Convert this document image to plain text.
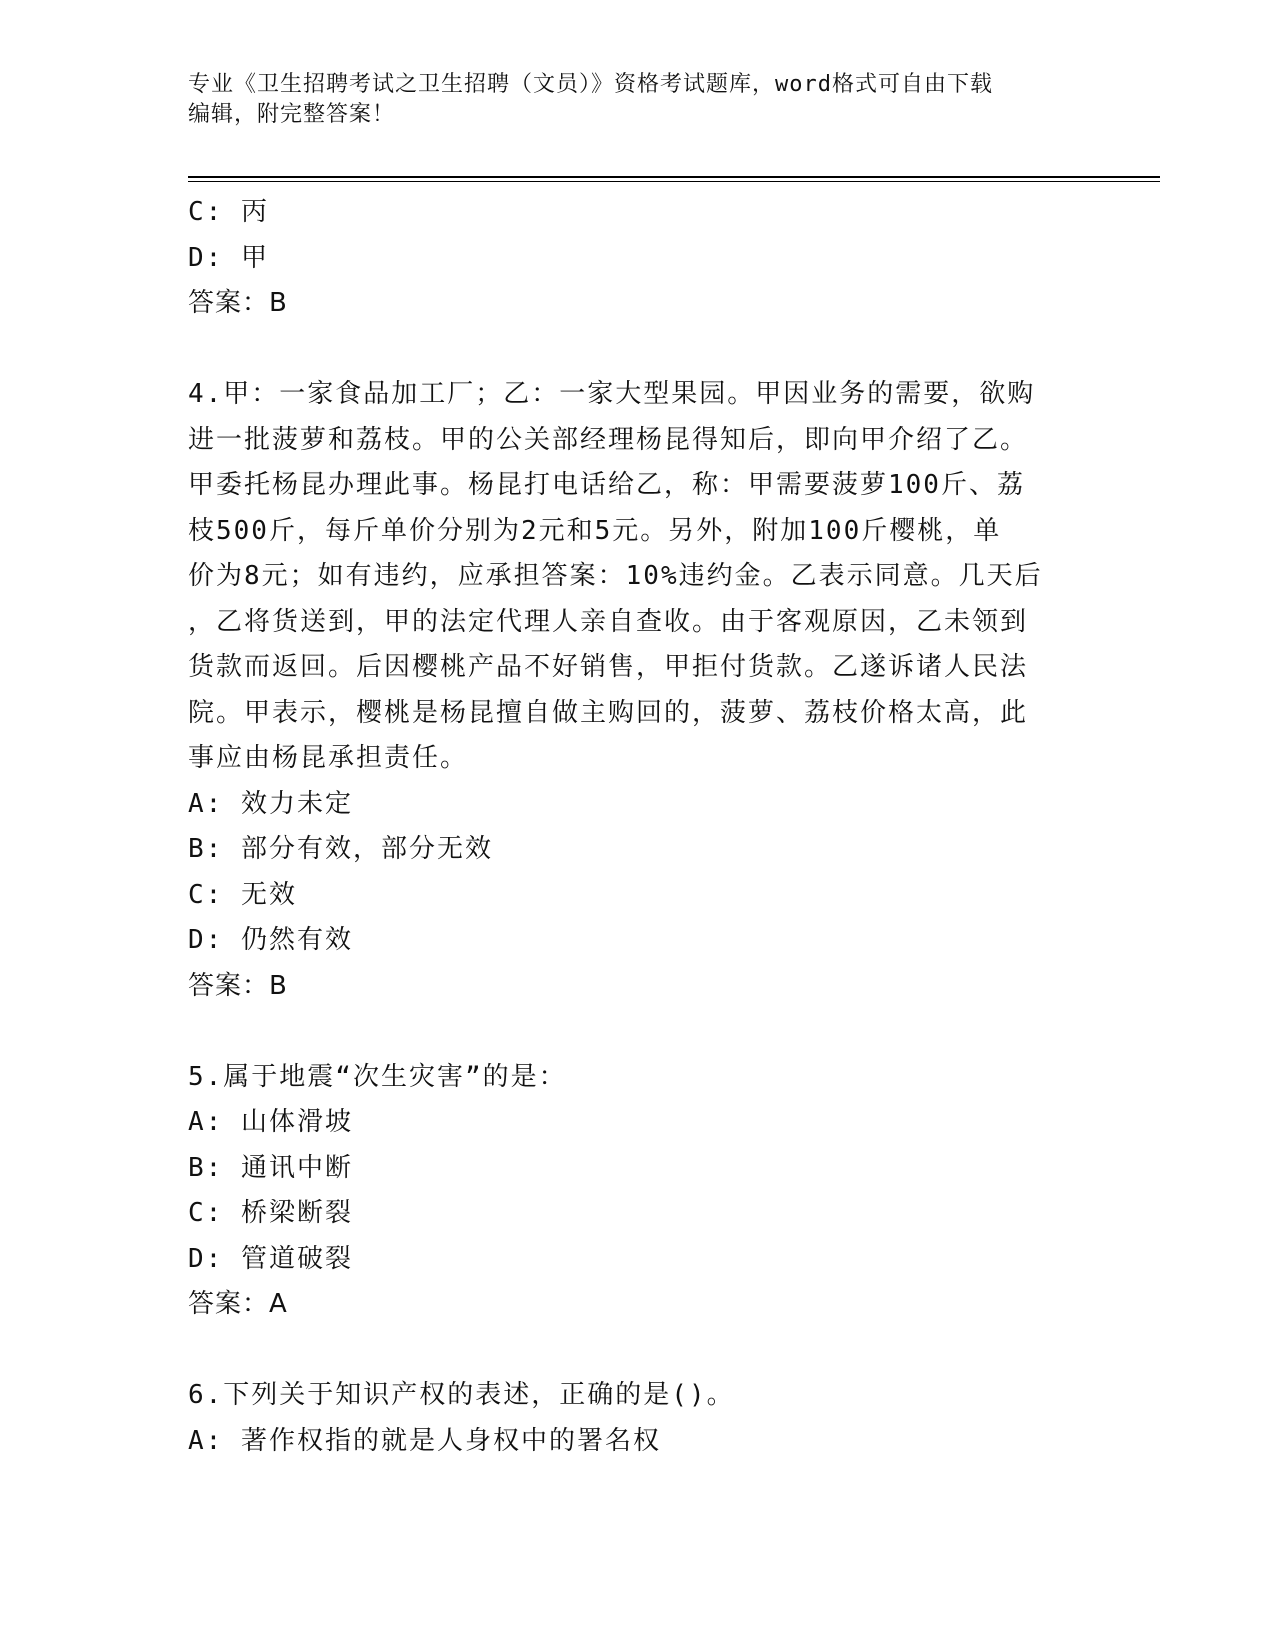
专业《卫生招聘考试之卫生招聘（文员）》资格考试题库，word格式可自由下载
编辑，附完整答案！

C: 丙

D: 甲

答案：B

4.甲：一家食品加工厂；乙：一家大型果园。甲因业务的需要，欲购

进一批菠萝和荔枝。甲的公关部经理杨昆得知后，即向甲介绍了乙。

甲委托杨昆办理此事。杨昆打电话给乙，称：甲需要菠萝100斤、荔

枝500斤，每斤单价分别为2元和5元。另外，附加100斤樱桃，单

价为8元；如有违约，应承担答案：10%违约金。乙表示同意。几天后

，乙将货送到，甲的法定代理人亲自查收。由于客观原因，乙未领到

货款而返回。后因樱桃产品不好销售，甲拒付货款。乙遂诉诸人民法

院。甲表示，樱桃是杨昆擅自做主购回的，菠萝、荔枝价格太高，此

事应由杨昆承担责任。

A: 效力未定

B: 部分有效，部分无效

C: 无效

D: 仍然有效

答案：B

5.属于地震“次生灾害”的是：

A: 山体滑坡

B: 通讯中断

C: 桥梁断裂

D: 管道破裂

答案：A

6.下列关于知识产权的表述，正确的是()。

A: 著作权指的就是人身权中的署名权
